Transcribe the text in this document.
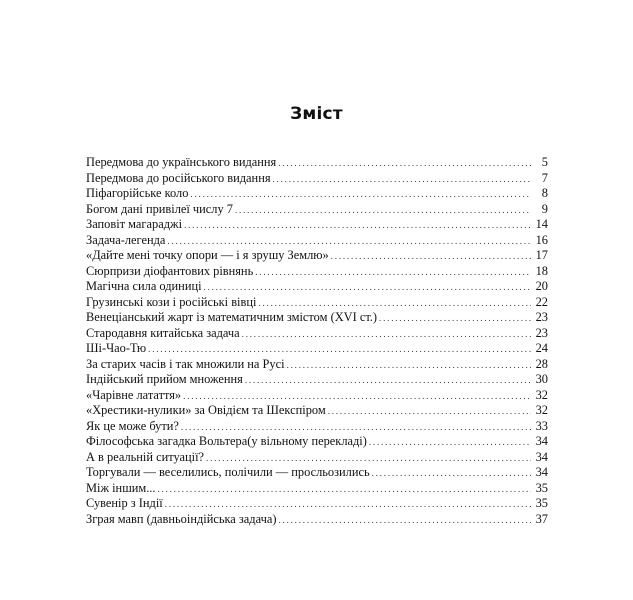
Зміст
Передмова до українського видання .....	5
Передмова до російського видання .....	7
Піфагорійське коло .....	8
Богом дані привілеї числу 7 .....	9
Заповіт магараджі .....	14
Задача-легенда .....	16
«Дайте мені точку опори — і я зрушу Землю» .....	17
Сюрпризи діофантових рівнянь .....	18
Магічна сила одиниці .....	20
Грузинські кози і російські вівці .....	22
Венеціанський жарт із математичним змістом (XVI ст.) .....	23
Стародавня китайська задача .....	23
Ші-Чао-Тю .....	24
За старих часів і так множили на Русі .....	28
Індійський прийом множення .....	30
«Чарівне латаття» .....	32
«Хрестики-нулики» за Овідієм та Шекспіром .....	32
Як це може бути? .....	33
Філософська загадка Вольтера(у вільному перекладі) .....	34
А в реальній ситуації? .....	34
Торгували — веселились, полічили — просльозились .....	34
Між іншим... .....	35
Сувенір з Індії .....	35
Зграя мавп (давньоіндійська задача) .....	37
